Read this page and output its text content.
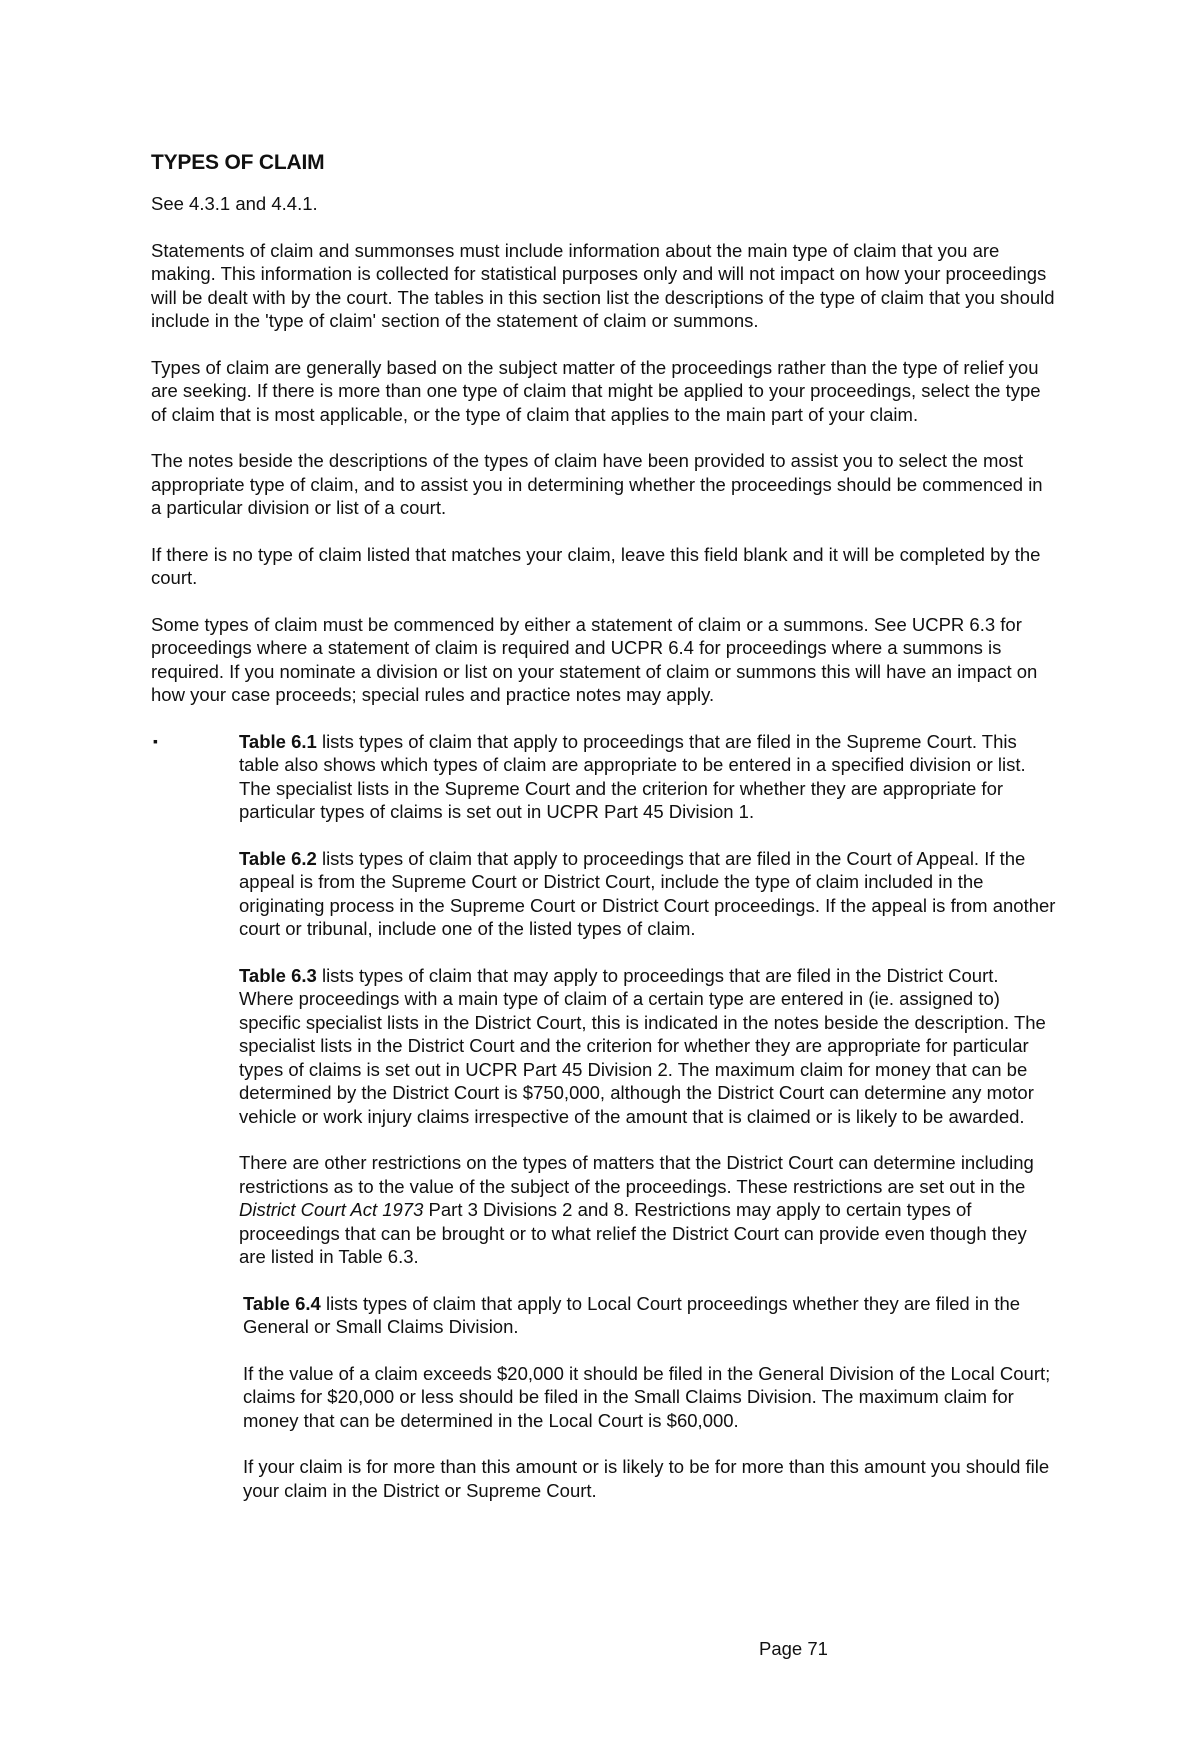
TYPES OF CLAIM

See 4.3.1 and 4.4.1.

Statements of claim and summonses must include information about the main type of claim that you are making. This information is collected for statistical purposes only and will not impact on how your proceedings will be dealt with by the court. The tables in this section list the descriptions of the type of claim that you should include in the 'type of claim' section of the statement of claim or summons.

Types of claim are generally based on the subject matter of the proceedings rather than the type of relief you are seeking. If there is more than one type of claim that might be applied to your proceedings, select the type of claim that is most applicable, or the type of claim that applies to the main part of your claim.

The notes beside the descriptions of the types of claim have been provided to assist you to select the most appropriate type of claim, and to assist you in determining whether the proceedings should be commenced in a particular division or list of a court.

If there is no type of claim listed that matches your claim, leave this field blank and it will be completed by the court.

Some types of claim must be commenced by either a statement of claim or a summons. See UCPR 6.3 for proceedings where a statement of claim is required and UCPR 6.4 for proceedings where a summons is required. If you nominate a division or list on your statement of claim or summons this will have an impact on how your case proceeds; special rules and practice notes may apply.

▪	Table 6.1 lists types of claim that apply to proceedings that are filed in the Supreme Court. This table also shows which types of claim are appropriate to be entered in a specified division or list. The specialist lists in the Supreme Court and the criterion for whether they are appropriate for particular types of claims is set out in UCPR Part 45 Division 1.

Table 6.2 lists types of claim that apply to proceedings that are filed in the Court of Appeal. If the appeal is from the Supreme Court or District Court, include the type of claim included in the originating process in the Supreme Court or District Court proceedings. If the appeal is from another court or tribunal, include one of the listed types of claim.

Table 6.3 lists types of claim that may apply to proceedings that are filed in the District Court. Where proceedings with a main type of claim of a certain type are entered in (ie. assigned to) specific specialist lists in the District Court, this is indicated in the notes beside the description. The specialist lists in the District Court and the criterion for whether they are appropriate for particular types of claims is set out in UCPR Part 45 Division 2. The maximum claim for money that can be determined by the District Court is $750,000, although the District Court can determine any motor vehicle or work injury claims irrespective of the amount that is claimed or is likely to be awarded.

There are other restrictions on the types of matters that the District Court can determine including restrictions as to the value of the subject of the proceedings. These restrictions are set out in the District Court Act 1973 Part 3 Divisions 2 and 8. Restrictions may apply to certain types of proceedings that can be brought or to what relief the District Court can provide even though they are listed in Table 6.3.

Table 6.4 lists types of claim that apply to Local Court proceedings whether they are filed in the General or Small Claims Division.

If the value of a claim exceeds $20,000 it should be filed in the General Division of the Local Court; claims for $20,000 or less should be filed in the Small Claims Division. The maximum claim for money that can be determined in the Local Court is $60,000.

If your claim is for more than this amount or is likely to be for more than this amount you should file your claim in the District or Supreme Court.

Page 71
